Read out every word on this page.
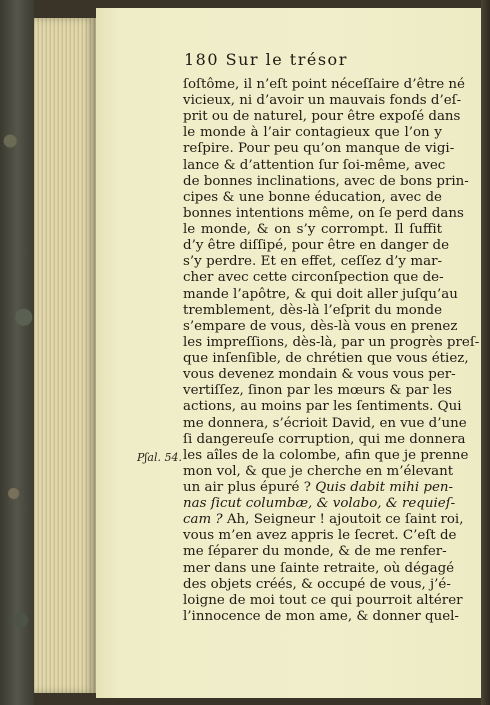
180 Sur le trésor
Pʃal. 54.
ſoſtôme, il n’eſt point néceſſaire d’être né
vicieux, ni d’avoir un mauvais fonds d’eſ-
prit ou de naturel, pour être expoſé dans
le monde à l’air contagieux que l’on y
reſpire. Pour peu qu’on manque de vigi-
lance & d’attention ſur ſoi-même, avec
de bonnes inclinations, avec de bons prin-
cipes & une bonne éducation, avec de
bonnes intentions même, on ſe perd dans
le monde, & on s’y corrompt. Il ſuffit
d’y être diſſipé, pour être en danger de
s’y perdre. Et en effet, ceſſez d’y mar-
cher avec cette circonſpection que de-
mande l’apôtre, & qui doit aller juſqu’au
tremblement, dès-là l’eſprit du monde
s’empare de vous, dès-là vous en prenez
les impreſſions, dès-là, par un progrès preſ-
que inſenſible, de chrétien que vous étiez,
vous devenez mondain & vous vous per-
vertiſſez, ſinon par les mœurs & par les
actions, au moins par les ſentiments. Qui
me donnera, s’écrioit David, en vue d’une
ſi dangereuſe corruption, qui me donnera
les aîles de la colombe, afin que je prenne
mon vol, & que je cherche en m’élevant
un air plus épuré ? Quis dabit mihi pen-
nas ſicut columbæ, & volabo, & requieſ-
cam ? Ah, Seigneur ! ajoutoit ce ſaint roi,
vous m’en avez appris le ſecret. C’eſt de
me ſéparer du monde, & de me renfer-
mer dans une ſainte retraite, où dégagé
des objets créés, & occupé de vous, j’é-
loigne de moi tout ce qui pourroit altérer
l’innocence de mon ame, & donner quel-
